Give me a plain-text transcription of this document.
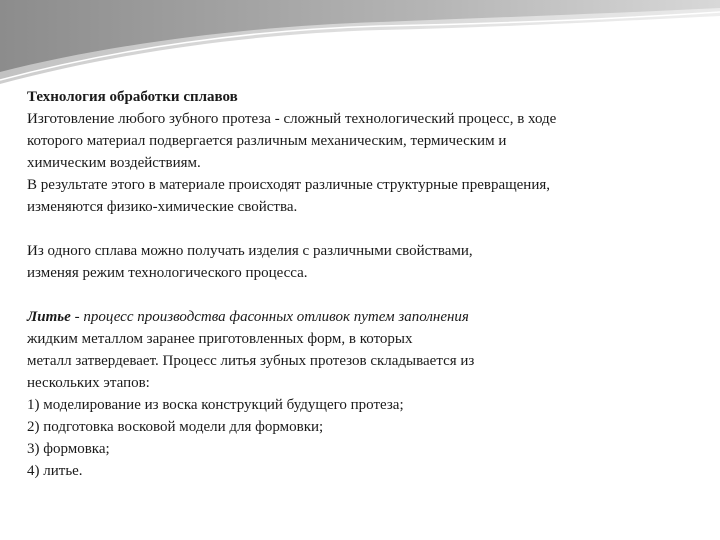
Технология обработки сплавов

Изготовление любого зубного протеза - сложный технологический процесс, в ходе

которого материал подвергается различным механическим, термическим и

химическим воздействиям.

В результате этого в материале происходят различные структурные превращения,

изменяются физико-химические свойства.

Из одного сплава можно получать изделия с различными свойствами,

изменяя режим технологического процесса.

Литье - процесс производства фасонных отливок путем заполнения

жидким металлом заранее приготовленных форм, в которых

металл затвердевает. Процесс литья зубных протезов складывается из

нескольких этапов:

1) моделирование из воска конструкций будущего протеза;
2) подготовка восковой модели для формовки;
3) формовка;
4) литье.
